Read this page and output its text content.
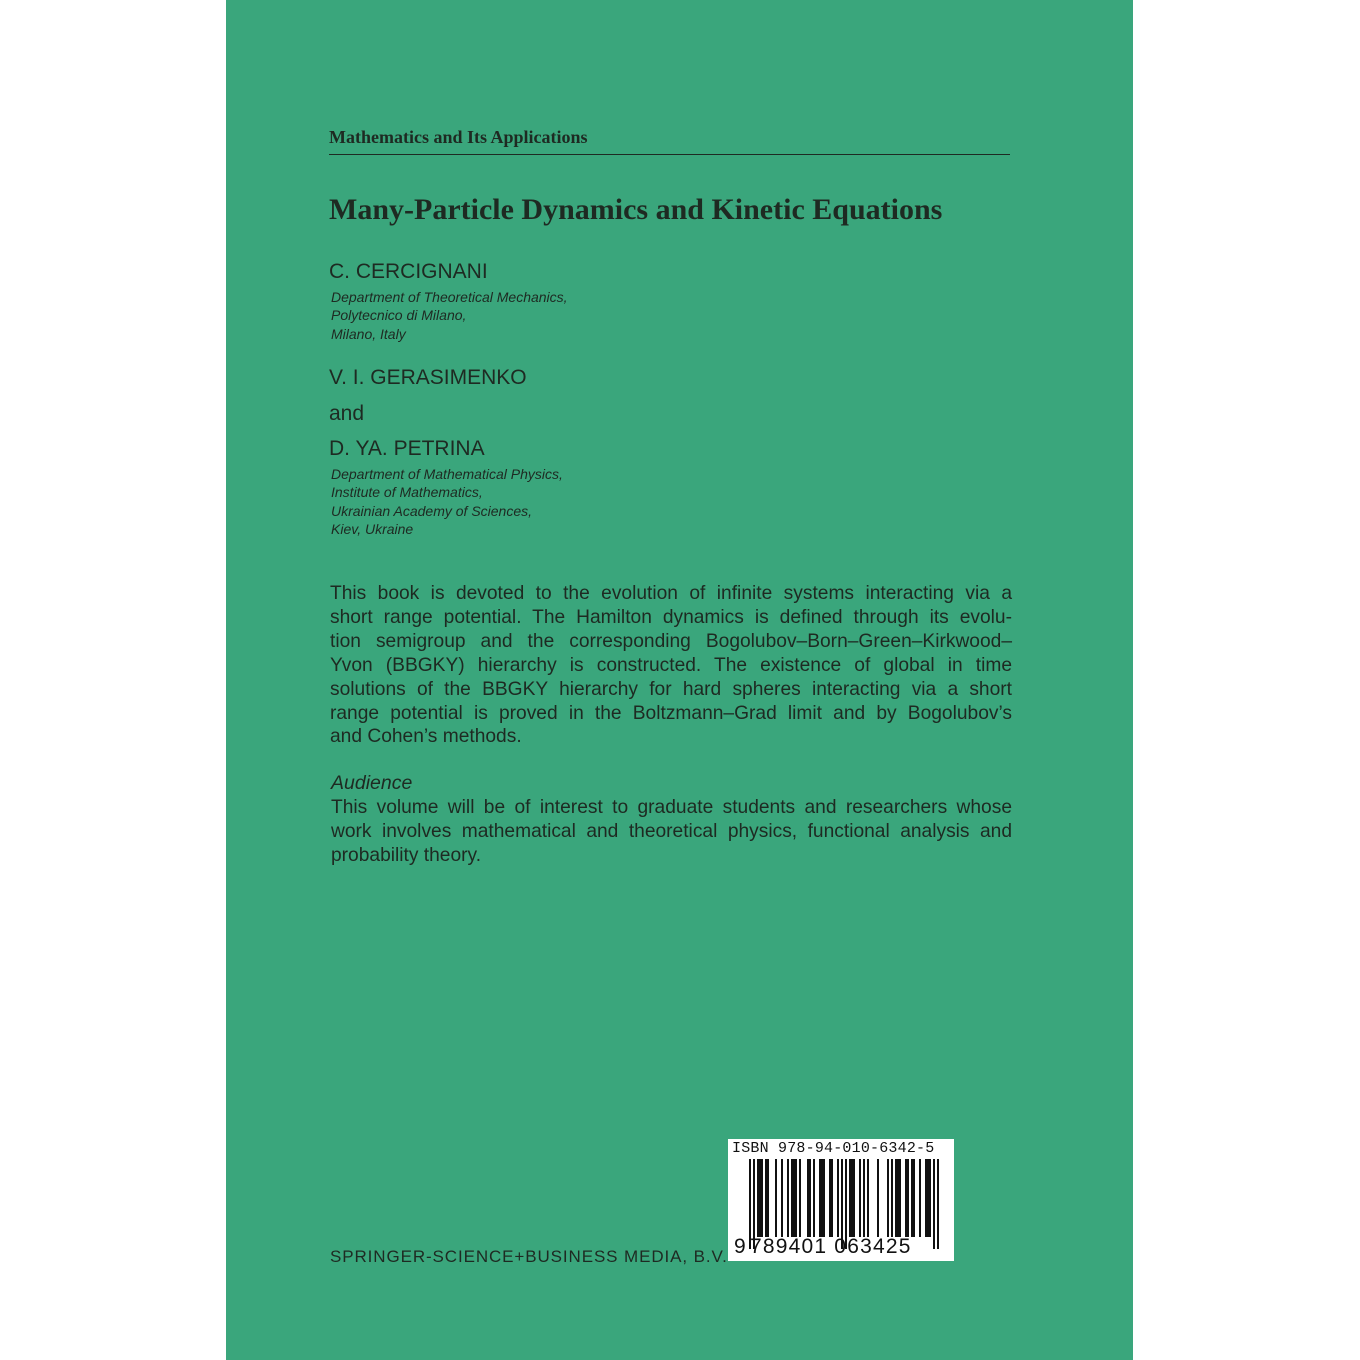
Mathematics and Its Applications
Many-Particle Dynamics and Kinetic Equations
C. CERCIGNANI
Department of Theoretical Mechanics,
Polytecnico di Milano,
Milano, Italy
V. I. GERASIMENKO
and
D. YA. PETRINA
Department of Mathematical Physics,
Institute of Mathematics,
Ukrainian Academy of Sciences,
Kiev, Ukraine
This book is devoted to the evolution of infinite systems interacting via a
short range potential. The Hamilton dynamics is defined through its evolu-
tion semigroup and the corresponding Bogolubov–Born–Green–Kirkwood–
Yvon (BBGKY) hierarchy is constructed. The existence of global in time
solutions of the BBGKY hierarchy for hard spheres interacting via a short
range potential is proved in the Boltzmann–Grad limit and by Bogolubov’s
and Cohen’s methods.
Audience
This volume will be of interest to graduate students and researchers whose
work involves mathematical and theoretical physics, functional analysis and
probability theory.
SPRINGER-SCIENCE+BUSINESS MEDIA, B.V.
ISBN 978-94-010-6342-5
9 789401 063425
